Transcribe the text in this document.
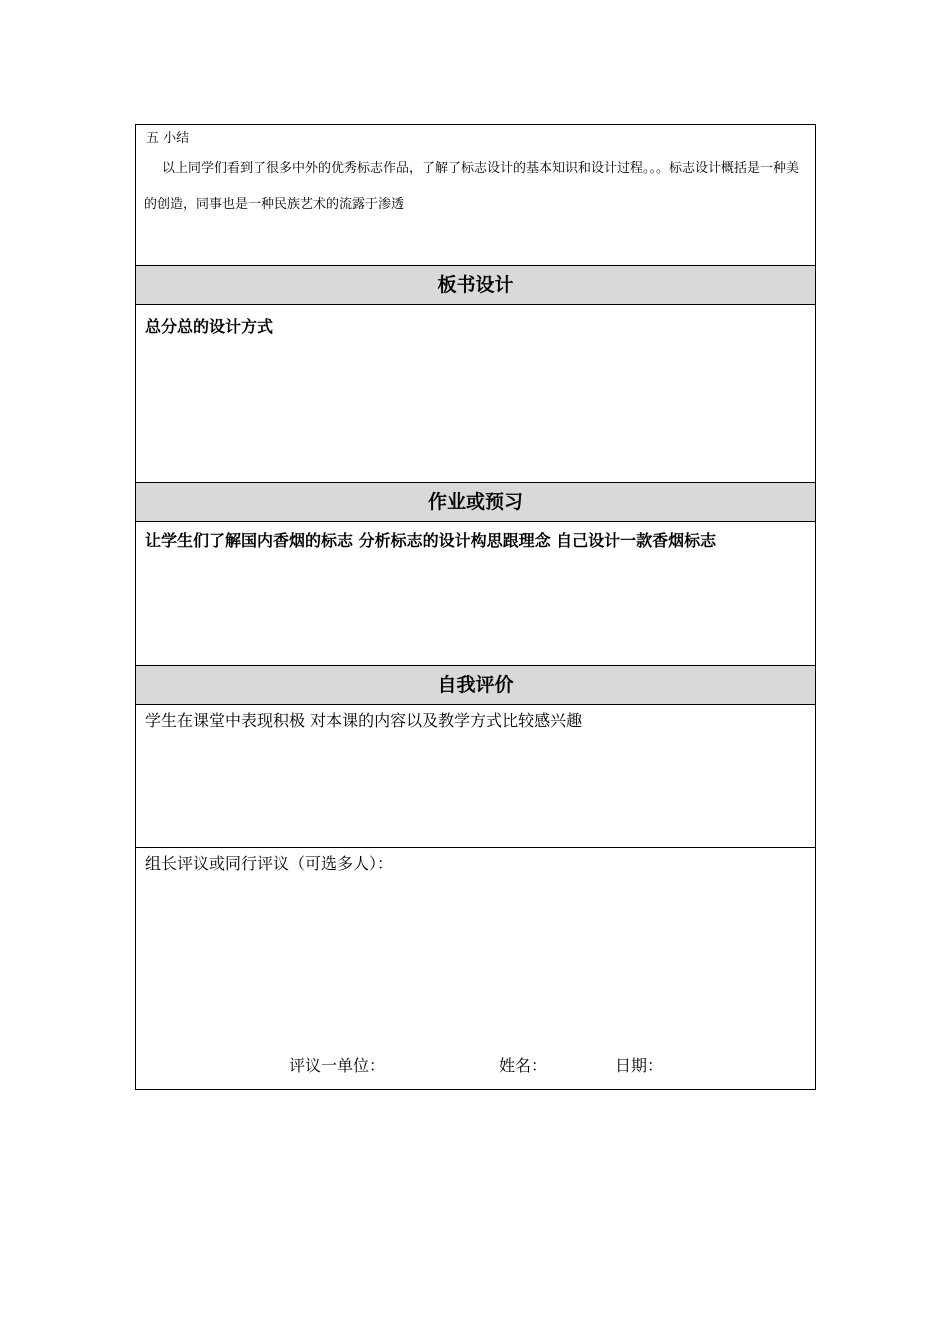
五 小结
以上同学们看到了很多中外的优秀标志作品，了解了标志设计的基本知识和设计过程。。。标志设计概括是一种美的创造，同事也是一种民族艺术的流露于渗透
板书设计
总分总的设计方式
作业或预习
让学生们了解国内香烟的标志 分析标志的设计构思跟理念 自己设计一款香烟标志
自我评价
学生在课堂中表现积极 对本课的内容以及教学方式比较感兴趣
组长评议或同行评议（可选多人）：
评议一单位：	姓名：	日期：
